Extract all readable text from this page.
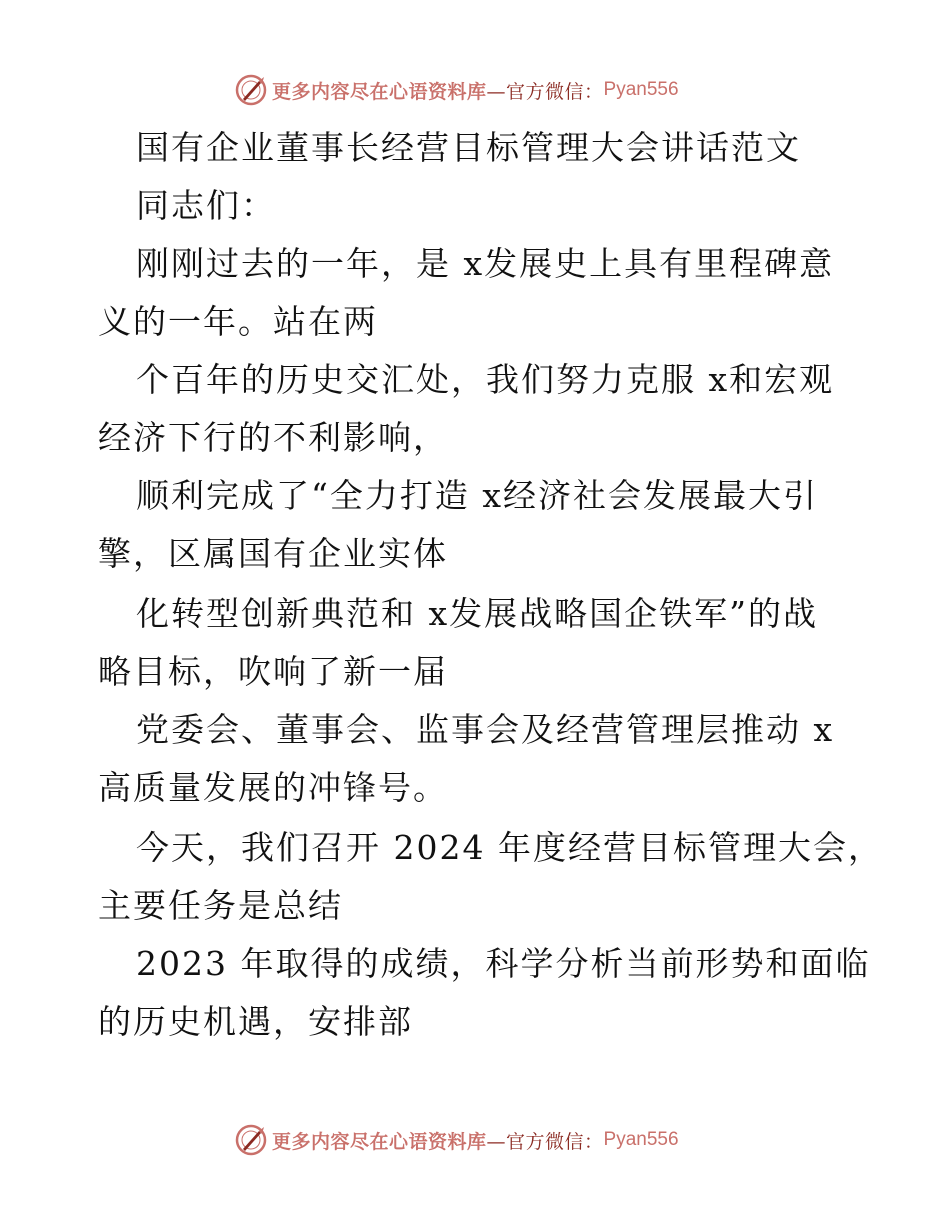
更多内容尽在心语资料库 —官方微信： Pyan556

国有企业董事长经营目标管理大会讲话范文

同志们：

刚刚过去的一年，是 x发展史上具有里程碑意

义的一年。站在两

个百年的历史交汇处，我们努力克服 x和宏观

经济下行的不利影响，

顺利完成了“全力打造 x经济社会发展最大引

擎，区属国有企业实体

化转型创新典范和 x发展战略国企铁军”的战

略目标，吹响了新一届

党委会、董事会、监事会及经营管理层推动 x

高质量发展的冲锋号。

今天，我们召开 2024 年度经营目标管理大会，

主要任务是总结

2023 年取得的成绩，科学分析当前形势和面临

的历史机遇，安排部

更多内容尽在心语资料库 —官方微信： Pyan556
